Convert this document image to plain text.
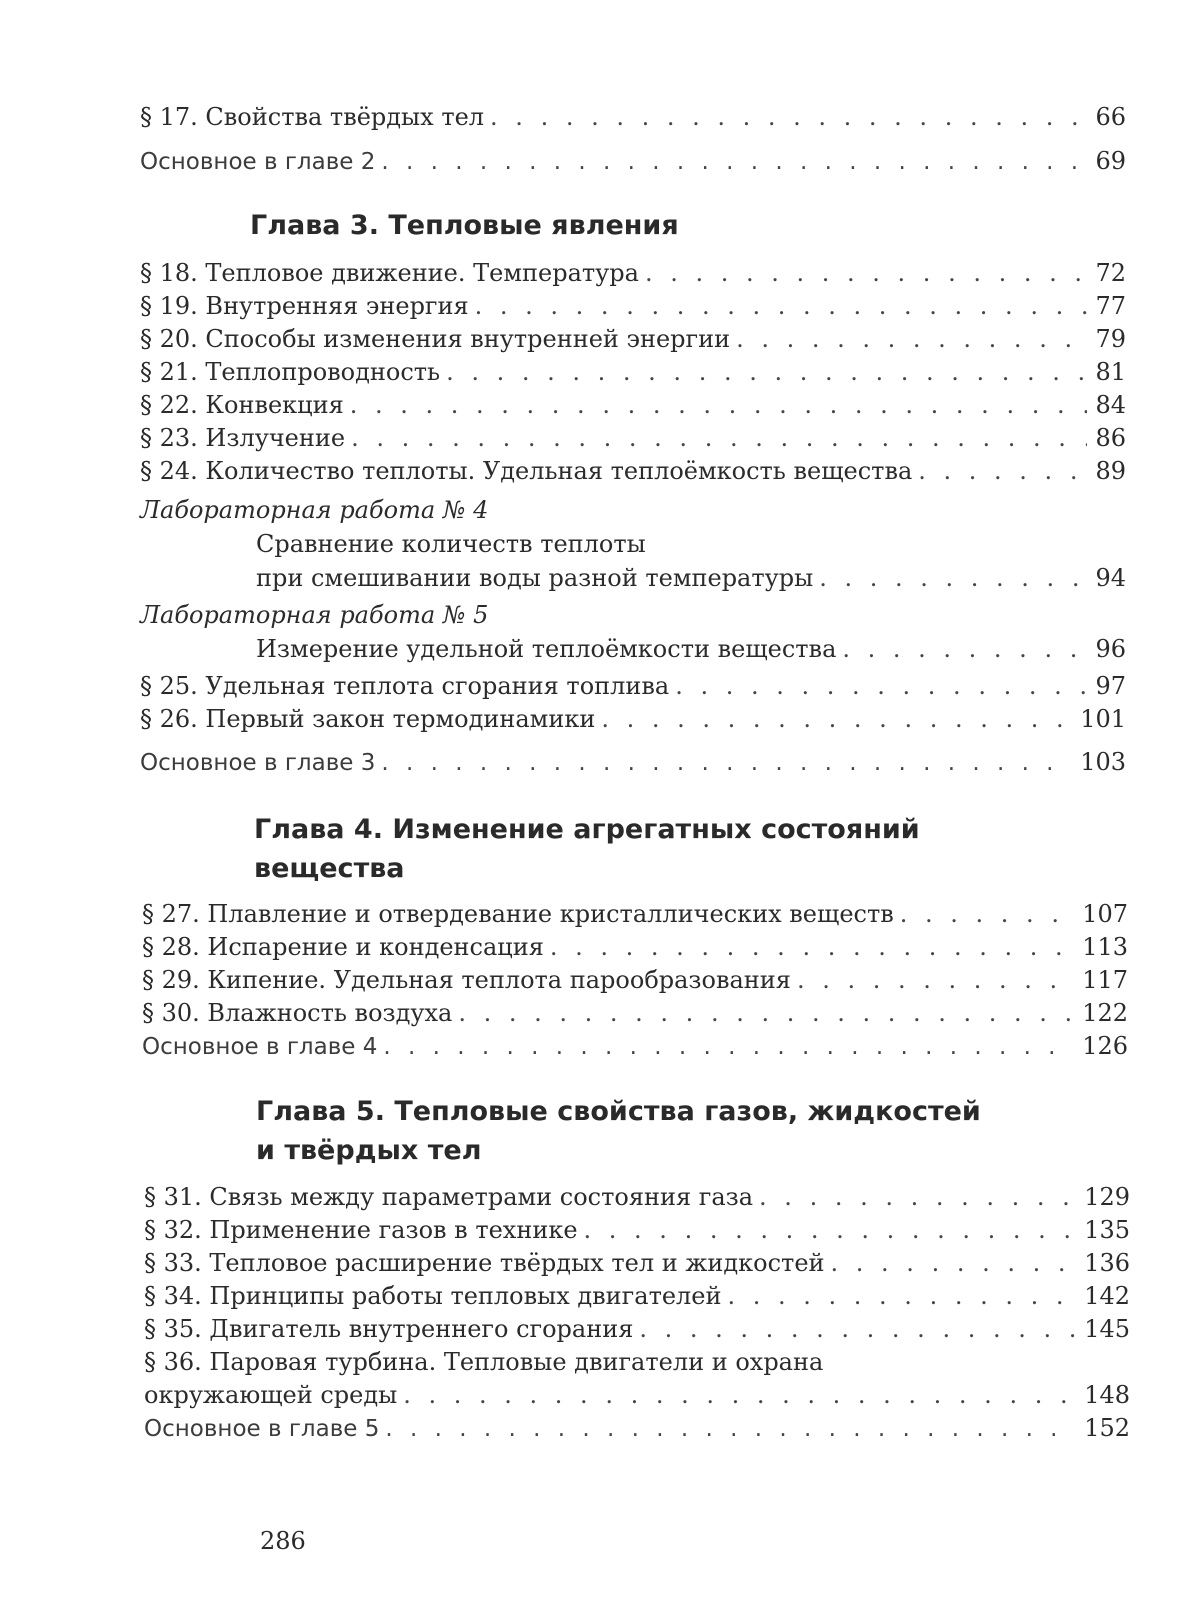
§ 17. Свойства твёрдых тел . . .	66
Основное в главе 2 . . .	69
Глава 3. Тепловые явления
§ 18. Тепловое движение. Температура . . .	72
§ 19. Внутренняя энергия . . .	77
§ 20. Способы изменения внутренней энергии . . .	79
§ 21. Теплопроводность . . .	81
§ 22. Конвекция . . .	84
§ 23. Излучение . . .	86
§ 24. Количество теплоты. Удельная теплоёмкость вещества . . .	89
Лабораторная работа № 4
Сравнение количеств теплоты
при смешивании воды разной температуры . . .	94
Лабораторная работа № 5
Измерение удельной теплоёмкости вещества . . .	96
§ 25. Удельная теплота сгорания топлива . . .	97
§ 26. Первый закон термодинамики . . .	101
Основное в главе 3 . . .	103
Глава 4. Изменение агрегатных состояний
вещества
§ 27. Плавление и отвердевание кристаллических веществ . . .	107
§ 28. Испарение и конденсация . . .	113
§ 29. Кипение. Удельная теплота парообразования . . .	117
§ 30. Влажность воздуха . . .	122
Основное в главе 4 . . .	126
Глава 5. Тепловые свойства газов, жидкостей
и твёрдых тел
§ 31. Связь между параметрами состояния газа . . .	129
§ 32. Применение газов в технике . . .	135
§ 33. Тепловое расширение твёрдых тел и жидкостей . . .	136
§ 34. Принципы работы тепловых двигателей . . .	142
§ 35. Двигатель внутреннего сгорания . . .	145
§ 36. Паровая турбина. Тепловые двигатели и охрана
окружающей среды . . .	148
Основное в главе 5 . . .	152
286
